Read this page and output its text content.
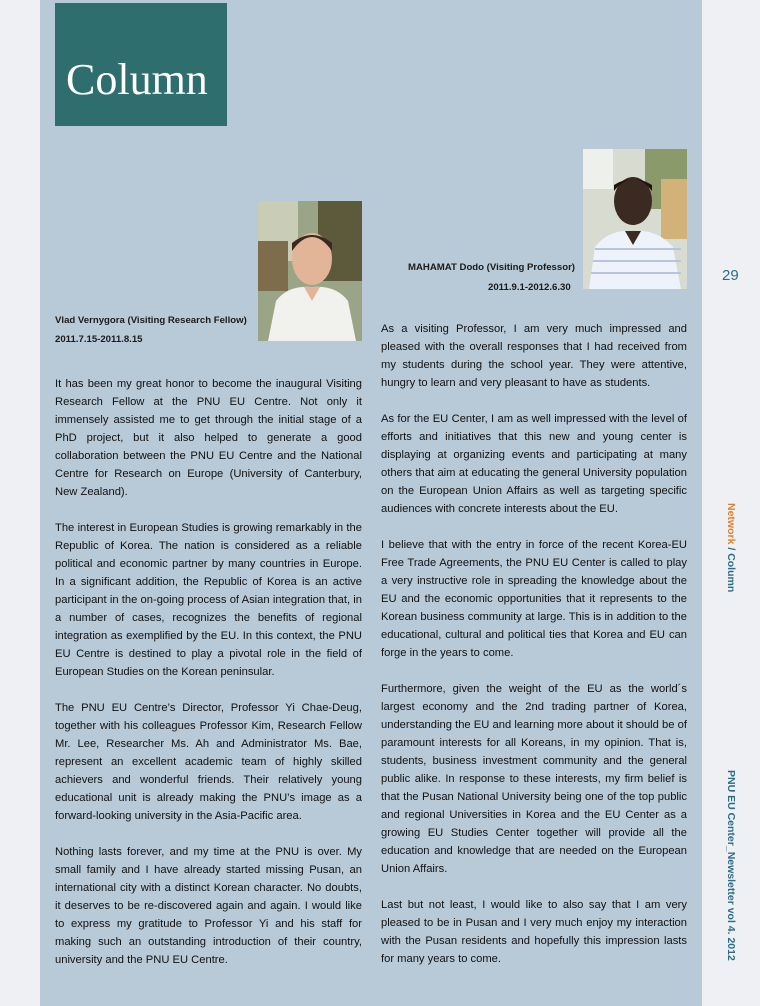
Column
Vlad Vernygora (Visiting Research Fellow)
2011.7.15-2011.8.15
MAHAMAT Dodo (Visiting Professor)
2011.9.1-2012.6.30

It has been my great honor to become the inaugural Visiting Research Fellow at the PNU EU Centre. Not only it immensely assisted me to get through the initial stage of a PhD project, but it also helped to generate a good collaboration between the PNU EU Centre and the National Centre for Research on Europe (University of Canterbury, New Zealand).

The interest in European Studies is growing remarkably in the Republic of Korea. The nation is considered as a reliable political and economic partner by many countries in Europe. In a significant addition, the Republic of Korea is an active participant in the on-going process of Asian integration that, in a number of cases, recognizes the benefits of regional integration as exemplified by the EU. In this context, the PNU EU Centre is destined to play a pivotal role in the field of European Studies on the Korean peninsular.

The PNU EU Centre’s Director, Professor Yi Chae-Deug, together with his colleagues Professor Kim, Research Fellow Mr. Lee, Researcher Ms. Ah and Administrator Ms. Bae, represent an excellent academic team of highly skilled achievers and wonderful friends. Their relatively young educational unit is already making the PNU’s image as a forward-looking university in the Asia-Pacific area.

Nothing lasts forever, and my time at the PNU is over. My small family and I have already started missing Pusan, an international city with a distinct Korean character. No doubts, it deserves to be re-discovered again and again. I would like to express my gratitude to Professor Yi and his staff for making such an outstanding introduction of their country, university and the PNU EU Centre.

As a visiting Professor, I am very much impressed and pleased with the overall responses that I had received from my students during the school year. They were attentive, hungry to learn and very pleasant to have as students.

As for the EU Center, I am as well impressed with the level of efforts and initiatives that this new and young center is displaying at organizing events and participating at many others that aim at educating the general University population on the European Union Affairs as well as targeting specific audiences with concrete interests about the EU.

I believe that with the entry in force of the recent Korea-EU Free Trade Agreements, the PNU EU Center is called to play a very instructive role in spreading the knowledge about the EU and the economic opportunities that it represents to the Korean business community at large. This is in addition to the educational, cultural and political ties that Korea and EU can forge in the years to come.

Furthermore, given the weight of the EU as the world´s largest economy and the 2nd trading partner of Korea, understanding the EU and learning more about it should be of paramount interests for all Koreans, in my opinion. That is, students, business investment community and the general public alike. In response to these interests, my firm belief is that the Pusan National University being one of the top public and regional Universities in Korea and the EU Center as a growing EU Studies Center together will provide all the education and knowledge that are needed on the European Union Affairs.

Last but not least, I would like to also say that I am very pleased to be in Pusan and I very much enjoy my interaction with the Pusan residents and hopefully this impression lasts for many years to come.

29
Network / Column
PNU EU Center_Newsletter vol 4. 2012
